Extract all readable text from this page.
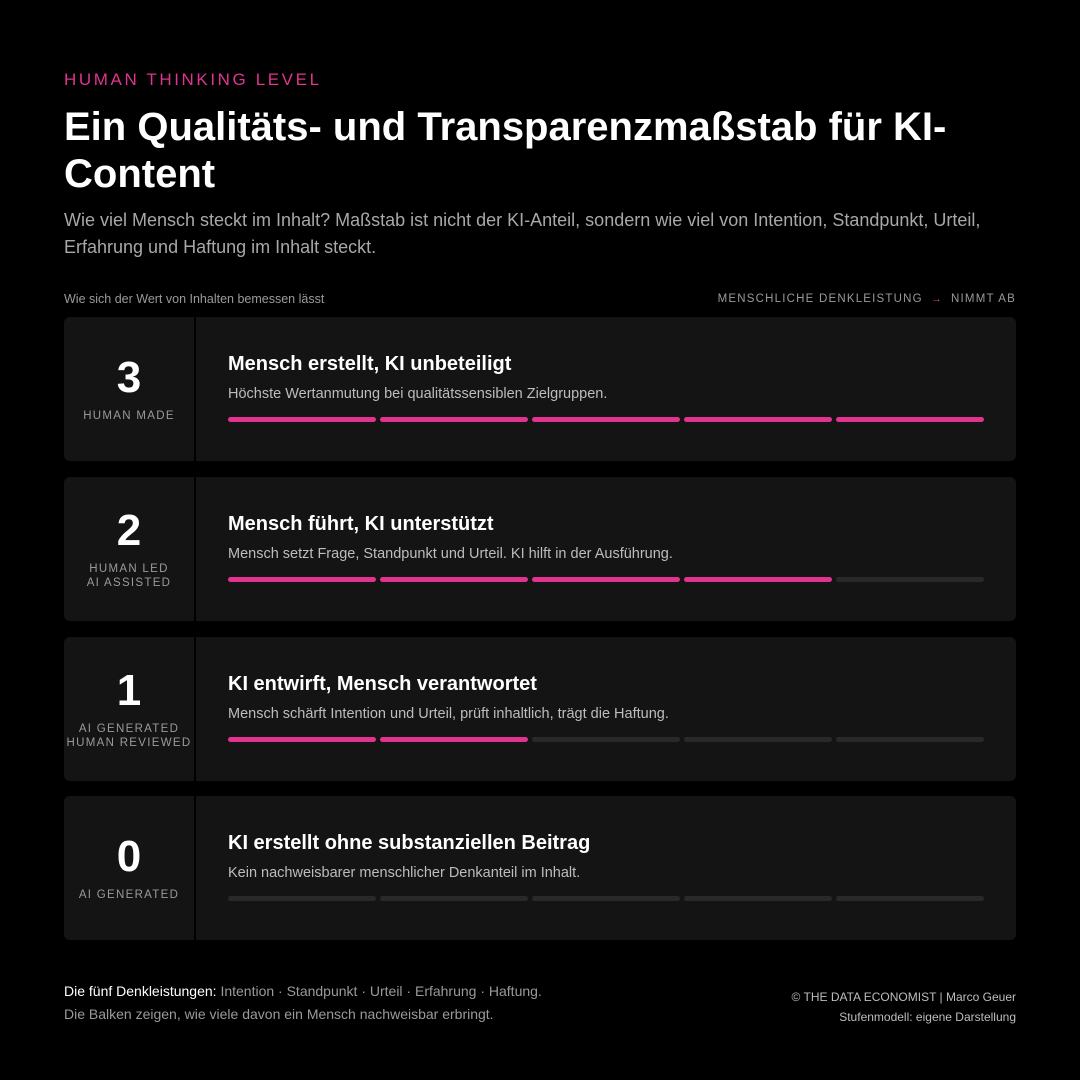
HUMAN THINKING LEVEL
Ein Qualitäts- und Transparenzmaßstab für KI-Content

Wie viel Mensch steckt im Inhalt? Maßstab ist nicht der KI-Anteil, sondern wie viel von Intention, Standpunkt, Urteil, Erfahrung und Haftung im Inhalt steckt.

Wie sich der Wert von Inhalten bemessen lässt	MENSCHLICHE DENKLEISTUNG → NIMMT AB
3
HUMAN MADE
Mensch erstellt, KI unbeteiligt
Höchste Wertanmutung bei qualitätssensiblen Zielgruppen.
2
HUMAN LED
AI ASSISTED
Mensch führt, KI unterstützt
Mensch setzt Frage, Standpunkt und Urteil. KI hilft in der Ausführung.
1
AI GENERATED
HUMAN REVIEWED
KI entwirft, Mensch verantwortet
Mensch schärft Intention und Urteil, prüft inhaltlich, trägt die Haftung.
0
AI GENERATED
KI erstellt ohne substanziellen Beitrag
Kein nachweisbarer menschlicher Denkanteil im Inhalt.
Die fünf Denkleistungen: Intention · Standpunkt · Urteil · Erfahrung · Haftung.
Die Balken zeigen, wie viele davon ein Mensch nachweisbar erbringt.
© THE DATA ECONOMIST | Marco Geuer
Stufenmodell: eigene Darstellung
